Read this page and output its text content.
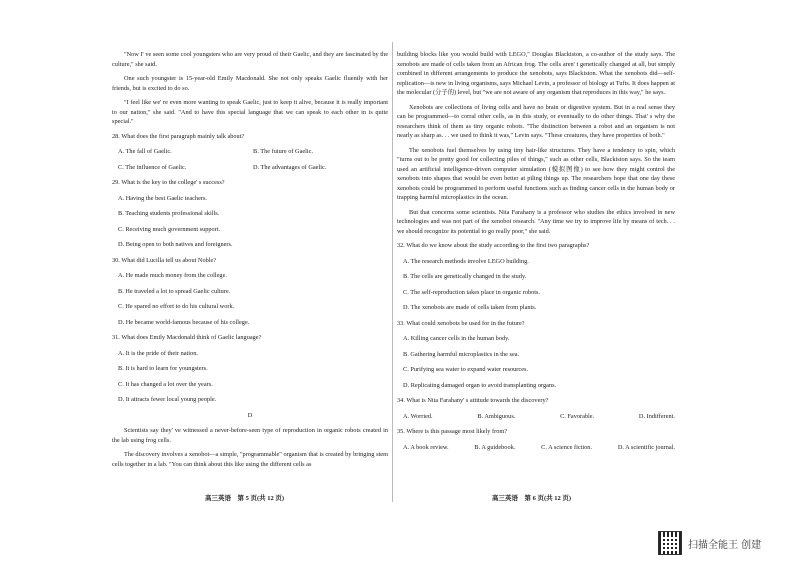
"Now I' ve seen some cool youngsters who are very proud of their Gaelic, and they are fascinated by the culture," she said.

One such youngster is 15-year-old Emily Macdonald. She not only speaks Gaelic fluently with her friends, but is excited to do so.

"I feel like we' re even more wanting to speak Gaelic, just to keep it alive, because it is really important to our nation," she said. "And to have this special language that we can speak to each other in is quite special."

28. What does the first paragraph mainly talk about?
A. The fall of Gaelic.	B. The future of Gaelic.
C. The influence of Gaelic.	D. The advantages of Gaelic.
29. What is the key to the college' s success?
A. Having the best Gaelic teachers.
B. Teaching students professional skills.
C. Receiving much government support.
D. Being open to both natives and foreigners.
30. What did Lucilla tell us about Noble?
A. He made much money from the college.
B. He traveled a lot to spread Gaelic culture.
C. He spared no effort to do his cultural work.
D. He became world-famous because of his college.
31. What does Emily Macdonald think of Gaelic language?
A. It is the pride of their nation.
B. It is hard to learn for youngsters.
C. It has changed a lot over the years.
D. It attracts fewer local young people.
D

Scientists say they' ve witnessed a never-before-seen type of reproduction in organic robots created in the lab using frog cells.

The discovery involves a xenobot—a simple, "programmable" organism that is created by bringing stem cells together in a lab. "You can think about this like using the different cells as

building blocks like you would build with LEGO," Douglas Blackiston, a co-author of the study says. The xenobots are made of cells taken from an African frog. The cells aren' t genetically changed at all, but simply combined in different arrangements to produce the xenobots, says Blackiston. What the xenobots did—self-replication—is new in living organisms, says Michael Levin, a professor of biology at Tufts. It does happen at the molecular (分子的) level, but "we are not aware of any organism that reproduces in this way," he says.

Xenobots are collections of living cells and have no brain or digestive system. But in a real sense they can be programmed—to corral other cells, as in this study, or eventually to do other things. That' s why the researchers think of them as tiny organic robots. "The distinction between a robot and an organism is not nearly as sharp as. . . we used to think it was," Levin says. "These creatures, they have properties of both."

The xenobots fuel themselves by using tiny hair-like structures. They have a tendency to spin, which "turns out to be pretty good for collecting piles of things," such as other cells, Blackiston says. So the team used an artificial intelligence-driven computer simulation (模拟图像) to see how they might control the xenobots into shapes that would be even better at piling things up. The researchers hope that one day these xenobots could be programmed to perform useful functions such as finding cancer cells in the human body or trapping harmful microplastics in the ocean.

But that concerns some scientists. Nita Farahany is a professor who studies the ethics involved in new technologies and was not part of the xenobot research. "Any time we try to improve life by means of tech. . . we should recognize its potential to go really poor," she said.

32. What do we know about the study according to the first two paragraphs?
A. The research methods involve LEGO building.
B. The cells are genetically changed in the study.
C. The self-reproduction takes place in organic robots.
D. The xenobots are made of cells taken from plants.
33. What could xenobots be used for in the future?
A. Killing cancer cells in the human body.
B. Gathering harmful microplastics in the sea.
C. Purifying sea water to expand water resources.
D. Replicating damaged organ to avoid transplanting organs.
34. What is Nita Farahany' s attitude towards the discovery?
A. Worried.	B. Ambiguous.	C. Favorable.	D. Indifferent.
35. Where is this passage most likely from?
A. A book review.	B. A guidebook.	C. A science fiction.	D. A scientific journal.
高三英语　第 5 页(共 12 页)	高三英语　第 6 页(共 12 页)
扫描全能王 创建
